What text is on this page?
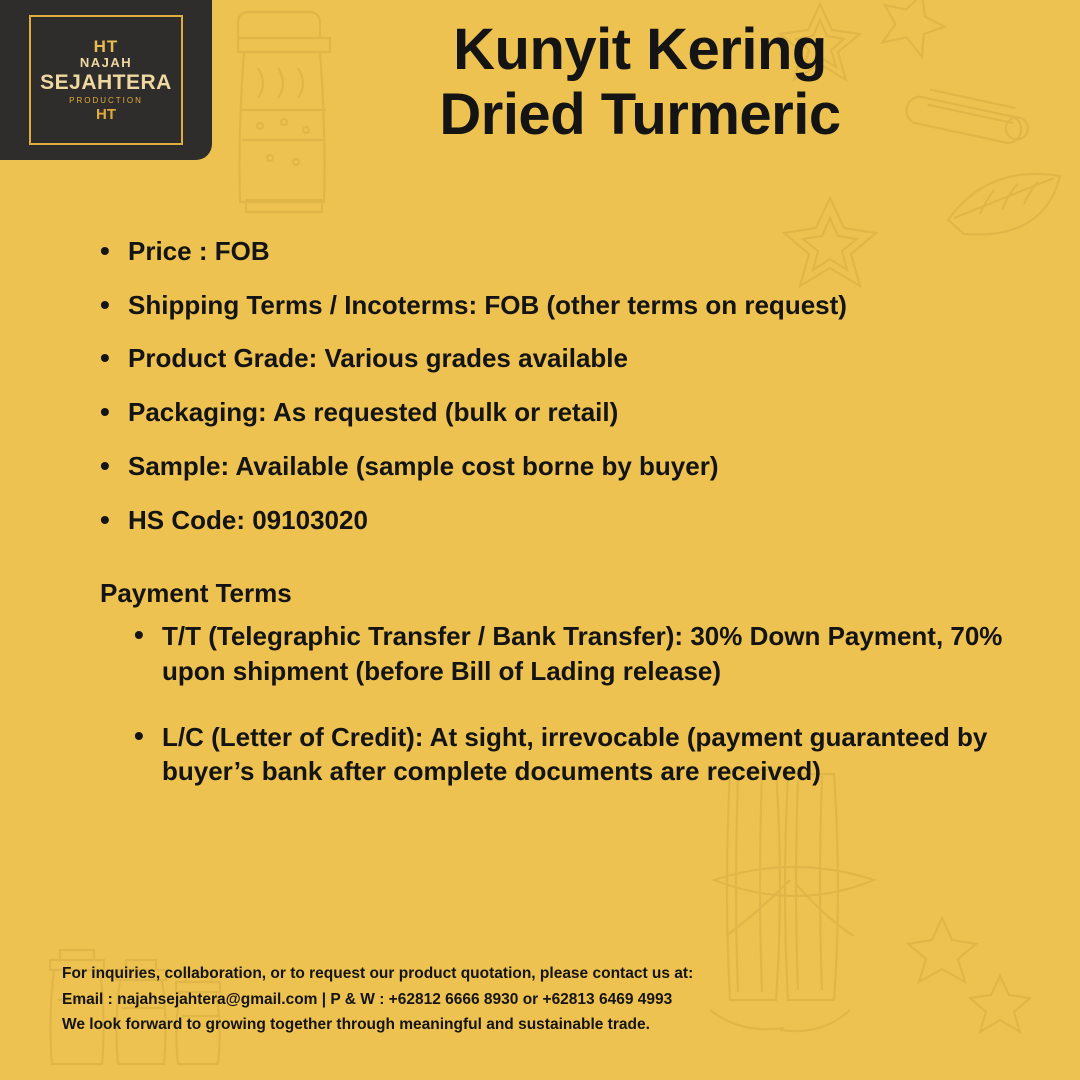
HT
NAJAH
SEJAHTERA
PRODUCTION
HT
Kunyit Kering
Dried Turmeric
• Price : FOB
• Shipping Terms / Incoterms: FOB (other terms on request)
• Product Grade: Various grades available
• Packaging: As requested (bulk or retail)
• Sample: Available (sample cost borne by buyer)
• HS Code: 09103020
Payment Terms
• T/T (Telegraphic Transfer / Bank Transfer): 30% Down Payment, 70% upon shipment (before Bill of Lading release)
• L/C (Letter of Credit): At sight, irrevocable (payment guaranteed by buyer’s bank after complete documents are received)
For inquiries, collaboration, or to request our product quotation, please contact us at:
Email : najahsejahtera@gmail.com | P & W : +62812 6666 8930 or +62813 6469 4993
We look forward to growing together through meaningful and sustainable trade.
